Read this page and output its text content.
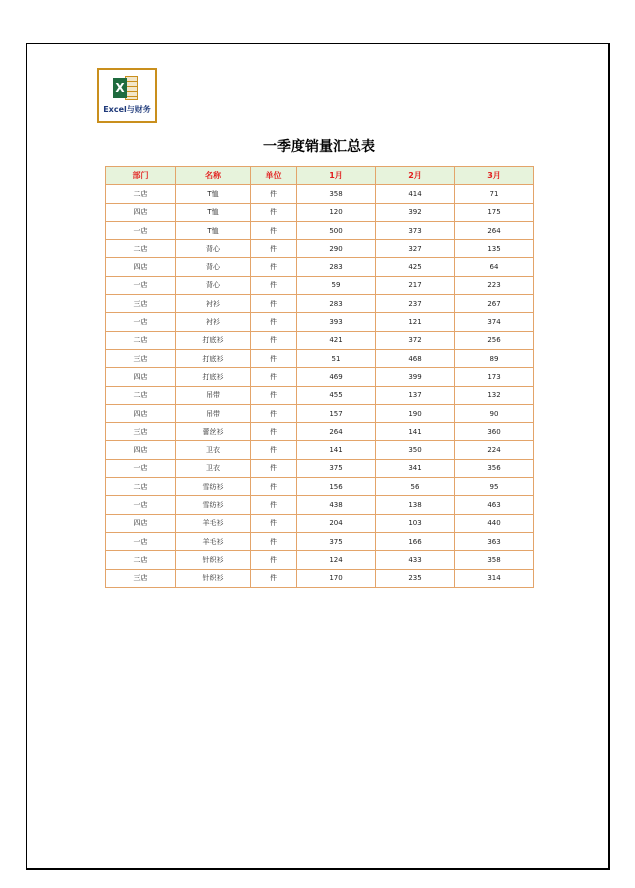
X
Excel与财务
一季度销量汇总表
部门	名称	单位	1月	2月	3月
二店	T恤	件	358	414	71
四店	T恤	件	120	392	175
一店	T恤	件	500	373	264
二店	背心	件	290	327	135
四店	背心	件	283	425	64
一店	背心	件	59	217	223
三店	衬衫	件	283	237	267
一店	衬衫	件	393	121	374
二店	打底衫	件	421	372	256
三店	打底衫	件	51	468	89
四店	打底衫	件	469	399	173
二店	吊带	件	455	137	132
四店	吊带	件	157	190	90
三店	蕾丝衫	件	264	141	360
四店	卫衣	件	141	350	224
一店	卫衣	件	375	341	356
二店	雪纺衫	件	156	56	95
一店	雪纺衫	件	438	138	463
四店	羊毛衫	件	204	103	440
一店	羊毛衫	件	375	166	363
二店	针织衫	件	124	433	358
三店	针织衫	件	170	235	314
